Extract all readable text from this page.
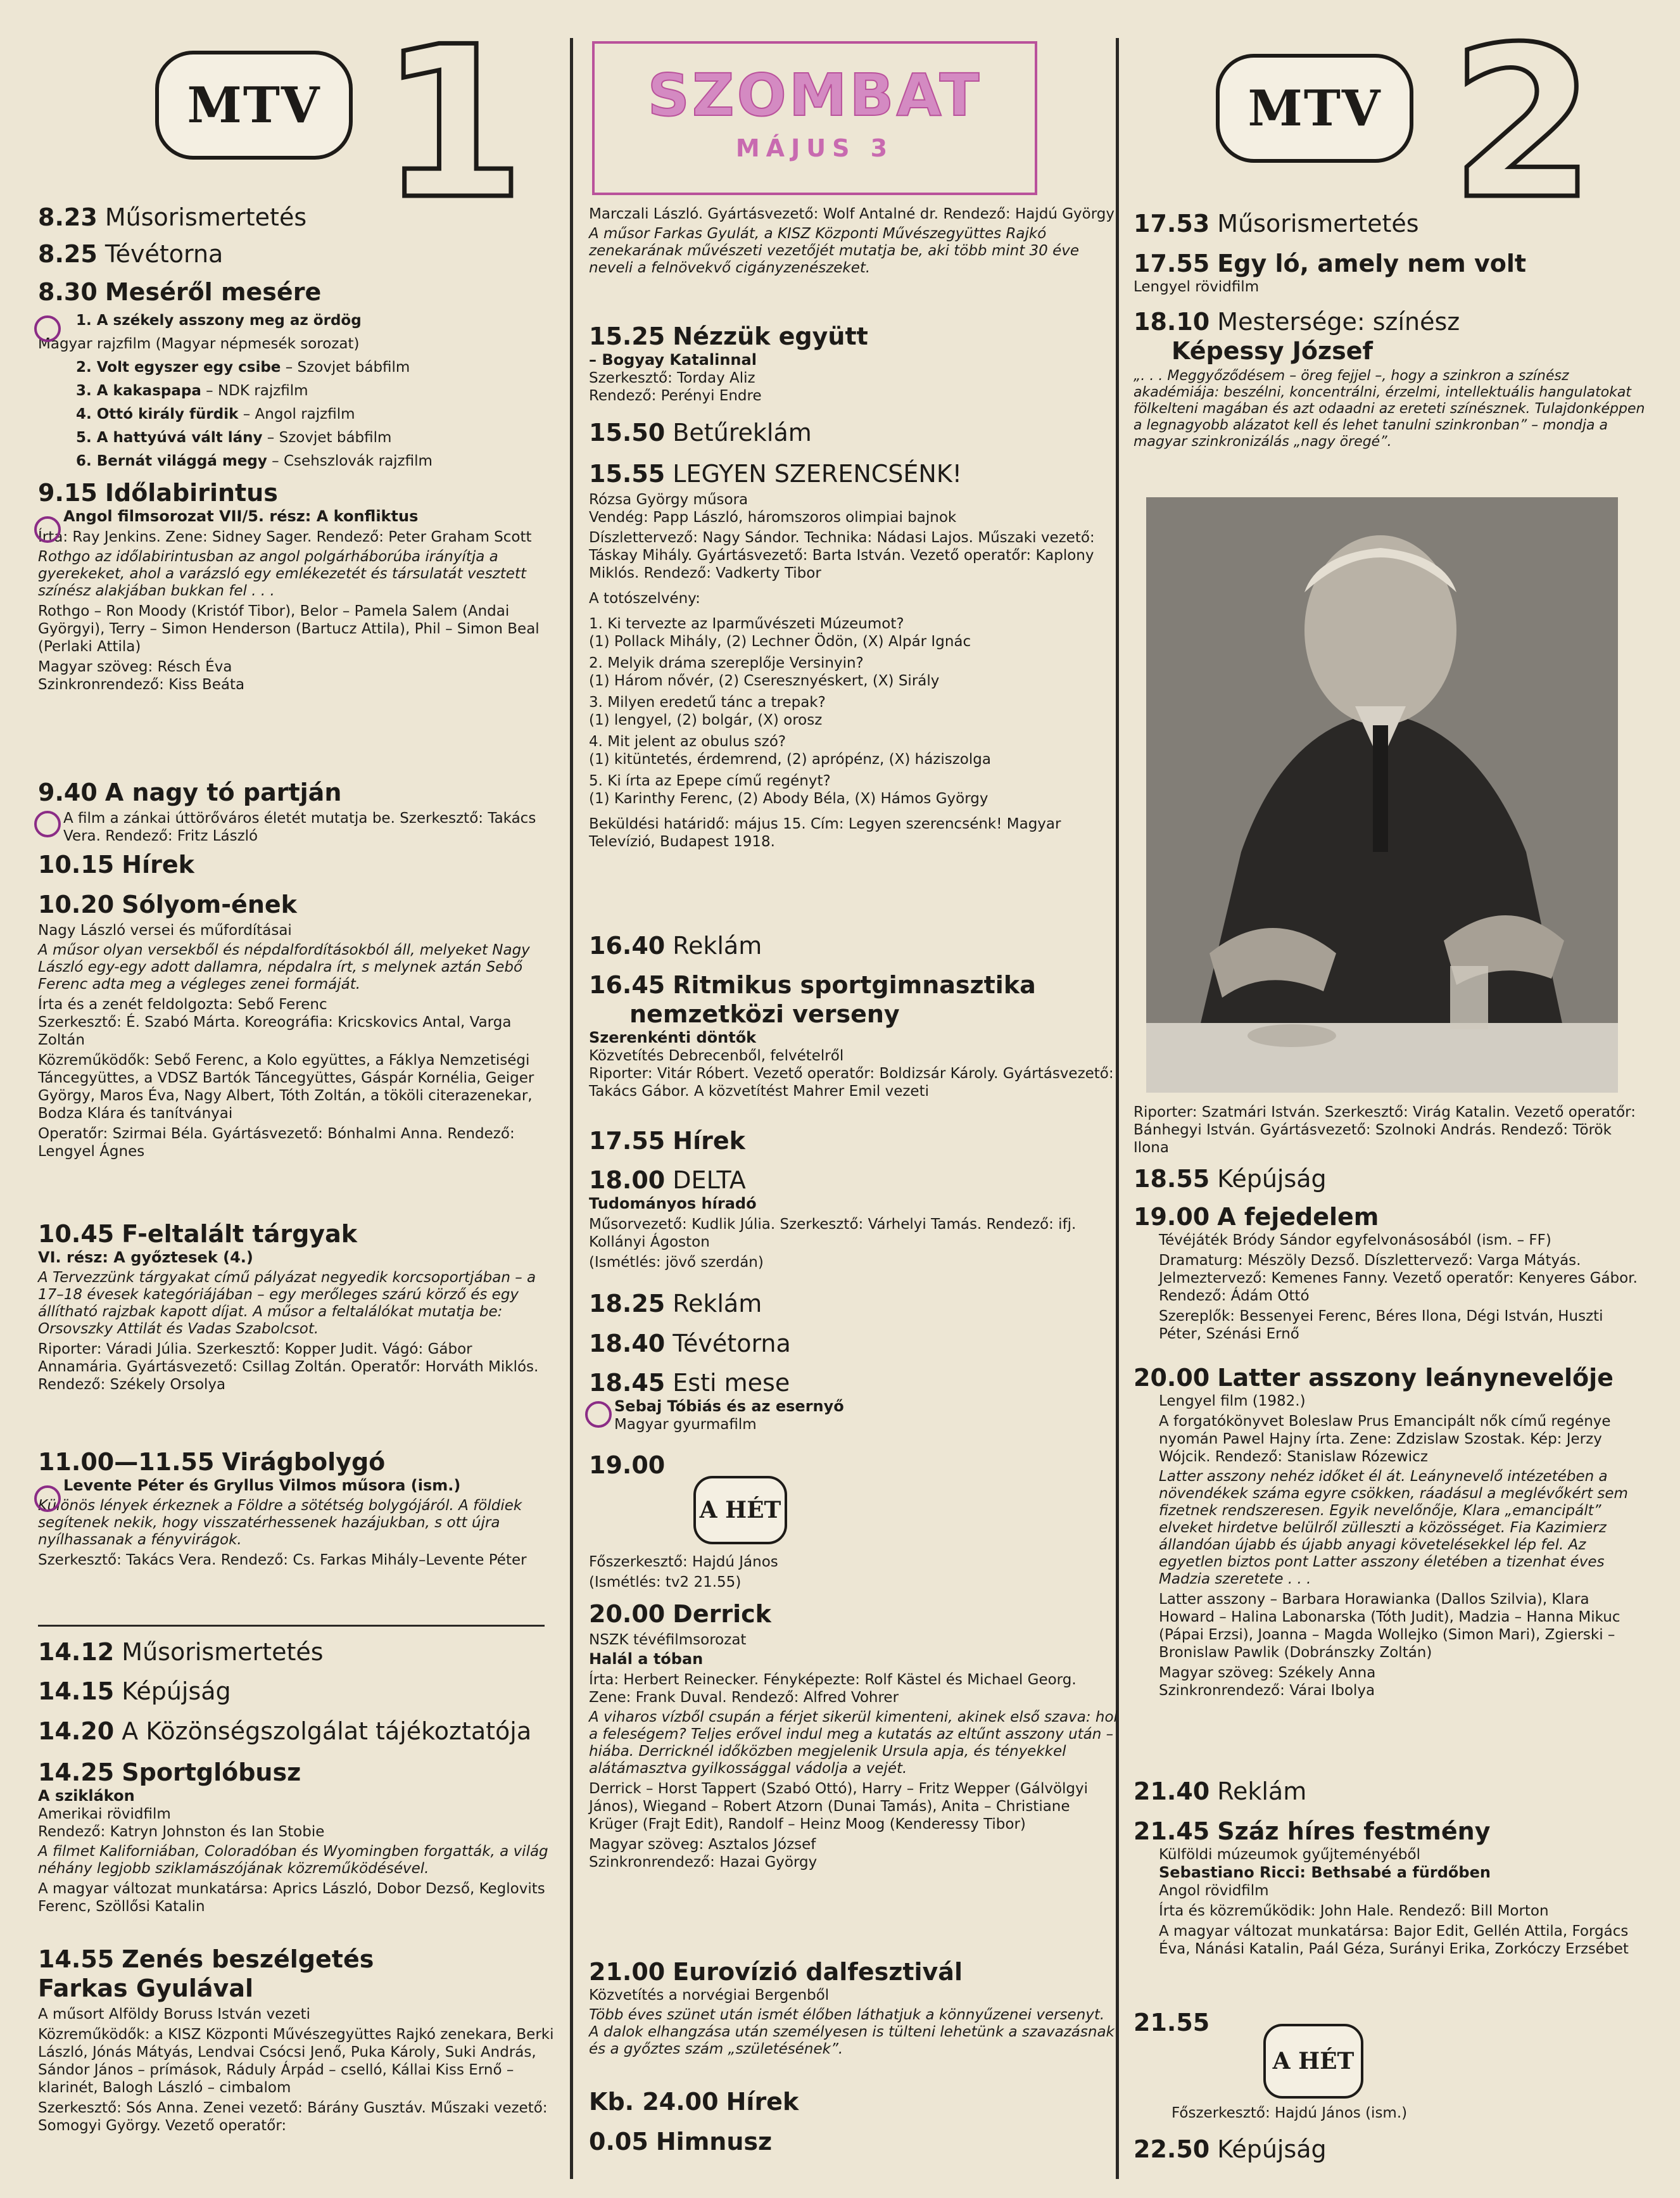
SZOMBAT
MÁJUS 3
MTV 1
8.23 Műsorismertetés
8.25 Tévétorna
8.30 Meséről mesére
1. A székely asszony meg az ördög
Magyar rajzfilm (Magyar népmesék sorozat)
2. Volt egyszer egy csibe – Szovjet bábfilm
3. A kakaspapa – NDK rajzfilm
4. Ottó király fürdik – Angol rajzfilm
5. A hattyúvá vált lány – Szovjet bábfilm
6. Bernát világgá megy – Csehszlovák rajzfilm
9.15 Időlabirintus
Angol filmsorozat VII/5. rész: A konfliktus
Írta: Ray Jenkins. Zene: Sidney Sager. Rendező: Peter Graham Scott
Rothgo az időlabirintusban az angol polgárháborúba irányítja a gyerekeket, ahol a varázsló egy emlékezetét és társulatát vesztett színész alakjában bukkan fel . . .
Rothgo – Ron Moody (Kristóf Tibor), Belor – Pamela Salem (Andai Györgyi), Terry – Simon Henderson (Bartucz Attila), Phil – Simon Beal (Perlaki Attila)
Magyar szöveg: Résch Éva
Szinkronrendező: Kiss Beáta
9.40 A nagy tó partján
A film a zánkai úttörőváros életét mutatja be. Szerkesztő: Takács Vera. Rendező: Fritz László
10.15 Hírek
10.20 Sólyom-ének
Nagy László versei és műfordításai
A műsor olyan versekből és népdalfordításokból áll, melyeket Nagy László egy-egy adott dallamra, népdalra írt, s melynek aztán Sebő Ferenc adta meg a végleges zenei formáját.
Írta és a zenét feldolgozta: Sebő Ferenc
Szerkesztő: É. Szabó Márta. Koreográfia: Kricskovics Antal, Varga Zoltán
Közreműködők: Sebő Ferenc, a Kolo együttes, a Fáklya Nemzetiségi Táncegyüttes, a VDSZ Bartók Táncegyüttes, Gáspár Kornélia, Geiger György, Maros Éva, Nagy Albert, Tóth Zoltán, a tököli citerazenekar, Bodza Klára és tanítványai
Operatőr: Szirmai Béla. Gyártásvezető: Bónhalmi Anna. Rendező: Lengyel Ágnes
10.45 F-eltalált tárgyak
VI. rész: A győztesek (4.)
A Tervezzünk tárgyakat című pályázat negyedik korcsoportjában – a 17–18 évesek kategóriájában – egy merőleges szárú körző és egy állítható rajzbak kapott díjat. A műsor a feltalálókat mutatja be: Orsovszky Attilát és Vadas Szabolcsot.
Riporter: Váradi Júlia. Szerkesztő: Kopper Judit. Vágó: Gábor Annamária. Gyártásvezető: Csillag Zoltán. Operatőr: Horváth Miklós. Rendező: Székely Orsolya
11.00—11.55 Virágbolygó
Levente Péter és Gryllus Vilmos műsora (ism.)
Különös lények érkeznek a Földre a sötétség bolygójáról. A földiek segítenek nekik, hogy visszatérhessenek hazájukban, s ott újra nyílhassanak a fényvirágok.
Szerkesztő: Takács Vera. Rendező: Cs. Farkas Mihály–Levente Péter
14.12 Műsorismertetés
14.15 Képújság
14.20 A Közönségszolgálat tájékoztatója
14.25 Sportglóbusz
A sziklákon
Amerikai rövidfilm
Rendező: Katryn Johnston és Ian Stobie
A filmet Kaliforniában, Coloradóban és Wyomingben forgatták, a világ néhány legjobb sziklamászójának közreműködésével.
A magyar változat munkatársa: Aprics László, Dobor Dezső, Keglovits Ferenc, Szöllősi Katalin
14.55 Zenés beszélgetés
Farkas Gyulával
A műsort Alföldy Boruss István vezeti
Közreműködők: a KISZ Központi Művészegyüttes Rajkó zenekara, Berki László, Jónás Mátyás, Lendvai Csócsi Jenő, Puka Károly, Suki András, Sándor János – prímások, Ráduly Árpád – cselló, Kállai Kiss Ernő – klarinét, Balogh László – cimbalom
Szerkesztő: Sós Anna. Zenei vezető: Bárány Gusztáv. Műszaki vezető: Somogyi György. Vezető operatőr:
Marczali László. Gyártásvezető: Wolf Antalné dr. Rendező: Hajdú György
A műsor Farkas Gyulát, a KISZ Központi Művészegyüttes Rajkó zenekarának művészeti vezetőjét mutatja be, aki több mint 30 éve neveli a felnövekvő cigányzenészeket.
15.25 Nézzük együtt
– Bogyay Katalinnal
Szerkesztő: Torday Aliz
Rendező: Perényi Endre
15.50 Betűreklám
15.55 LEGYEN SZERENCSÉNK!
Rózsa György műsora
Vendég: Papp László, háromszoros olimpiai bajnok
Díszlettervező: Nagy Sándor. Technika: Nádasi Lajos. Műszaki vezető: Táskay Mihály. Gyártásvezető: Barta István. Vezető operatőr: Kaplony Miklós. Rendező: Vadkerty Tibor
A totószelvény:
1. Ki tervezte az Iparművészeti Múzeumot?
(1) Pollack Mihály, (2) Lechner Ödön, (X) Alpár Ignác
2. Melyik dráma szereplője Versinyin?
(1) Három nővér, (2) Cseresznyéskert, (X) Sirály
3. Milyen eredetű tánc a trepak?
(1) lengyel, (2) bolgár, (X) orosz
4. Mit jelent az obulus szó?
(1) kitüntetés, érdemrend, (2) aprópénz, (X) háziszolga
5. Ki írta az Epepe című regényt?
(1) Karinthy Ferenc, (2) Abody Béla, (X) Hámos György
Beküldési határidő: május 15. Cím: Legyen szerencsénk! Magyar Televízió, Budapest 1918.
16.40 Reklám
16.45 Ritmikus sportgimnasztika
nemzetközi verseny
Szerenkénti döntők
Közvetítés Debrecenből, felvételről
Riporter: Vitár Róbert. Vezető operatőr: Boldizsár Károly. Gyártásvezető: Takács Gábor. A közvetítést Mahrer Emil vezeti
17.55 Hírek
18.00 DELTA
Tudományos híradó
Műsorvezető: Kudlik Júlia. Szerkesztő: Várhelyi Tamás. Rendező: ifj. Kollányi Ágoston
(Ismétlés: jövő szerdán)
18.25 Reklám
18.40 Tévétorna
18.45 Esti mese
Sebaj Tóbiás és az esernyő
Magyar gyurmafilm
19.00
A HÉT
Főszerkesztő: Hajdú János
(Ismétlés: tv2 21.55)
20.00 Derrick
NSZK tévéfilmsorozat
Halál a tóban
Írta: Herbert Reinecker. Fényképezte: Rolf Kästel és Michael Georg. Zene: Frank Duval. Rendező: Alfred Vohrer
A viharos vízből csupán a férjet sikerül kimenteni, akinek első szava: hol a feleségem? Teljes erővel indul meg a kutatás az eltűnt asszony után – hiába. Derricknél időközben megjelenik Ursula apja, és tényekkel alátámasztva gyilkossággal vádolja a vejét.
Derrick – Horst Tappert (Szabó Ottó), Harry – Fritz Wepper (Gálvölgyi János), Wiegand – Robert Atzorn (Dunai Tamás), Anita – Christiane Krüger (Frajt Edit), Randolf – Heinz Moog (Kenderessy Tibor)
Magyar szöveg: Asztalos József
Szinkronrendező: Hazai György
21.00 Eurovízió dalfesztivál
Közvetítés a norvégiai Bergenből
Több éves szünet után ismét élőben láthatjuk a könnyűzenei versenyt. A dalok elhangzása után személyesen is tülteni lehetünk a szavazásnak és a győztes szám „születésének”.
Kb. 24.00 Hírek
0.05 Himnusz
MTV 2
17.53 Műsorismertetés
17.55 Egy ló, amely nem volt
Lengyel rövidfilm
18.10 Mestersége: színész
Képessy József
„. . . Meggyőződésem – öreg fejjel –, hogy a szinkron a színész akadémiája: beszélni, koncentrálni, érzelmi, intellektuális hangulatokat fölkelteni magában és azt odaadni az ereteti színésznek. Tulajdonképpen a legnagyobb alázatot kell és lehet tanulni szinkronban” – mondja a magyar szinkronizálás „nagy öregé”.
Riporter: Szatmári István. Szerkesztő: Virág Katalin. Vezető operatőr: Bánhegyi István. Gyártásvezető: Szolnoki András. Rendező: Török Ilona
18.55 Képújság
19.00 A fejedelem
Tévéjáték Bródy Sándor egyfelvonásosából (ism. – FF)
Dramaturg: Mészöly Dezső. Díszlettervező: Varga Mátyás. Jelmeztervező: Kemenes Fanny. Vezető operatőr: Kenyeres Gábor. Rendező: Ádám Ottó
Szereplők: Bessenyei Ferenc, Béres Ilona, Dégi István, Huszti Péter, Szénási Ernő
20.00 Latter asszony leánynevelője
Lengyel film (1982.)
A forgatókönyvet Boleslaw Prus Emancipált nők című regénye nyomán Pawel Hajny írta. Zene: Zdzislaw Szostak. Kép: Jerzy Wójcik. Rendező: Stanislaw Rózewicz
Latter asszony nehéz időket él át. Leánynevelő intézetében a növendékek száma egyre csökken, ráadásul a meglévőkért sem fizetnek rendszeresen. Egyik nevelőnője, Klara „emancipált” elveket hirdetve belülről zülleszti a közösséget. Fia Kazimierz állandóan újabb és újabb anyagi követelésekkel lép fel. Az egyetlen biztos pont Latter asszony életében a tizenhat éves Madzia szeretete . . .
Latter asszony – Barbara Horawianka (Dallos Szilvia), Klara Howard – Halina Labonarska (Tóth Judit), Madzia – Hanna Mikuc (Pápai Erzsi), Joanna – Magda Wollejko (Simon Mari), Zgierski – Bronislaw Pawlik (Dobránszky Zoltán)
Magyar szöveg: Székely Anna
Szinkronrendező: Várai Ibolya
21.40 Reklám
21.45 Száz híres festmény
Külföldi múzeumok gyűjteményéből
Sebastiano Ricci: Bethsabé a fürdőben
Angol rövidfilm
Írta és közreműködik: John Hale. Rendező: Bill Morton
A magyar változat munkatársa: Bajor Edit, Gellén Attila, Forgács Éva, Nánási Katalin, Paál Géza, Surányi Erika, Zorkóczy Erzsébet
21.55
A HÉT
Főszerkesztő: Hajdú János (ism.)
22.50 Képújság
